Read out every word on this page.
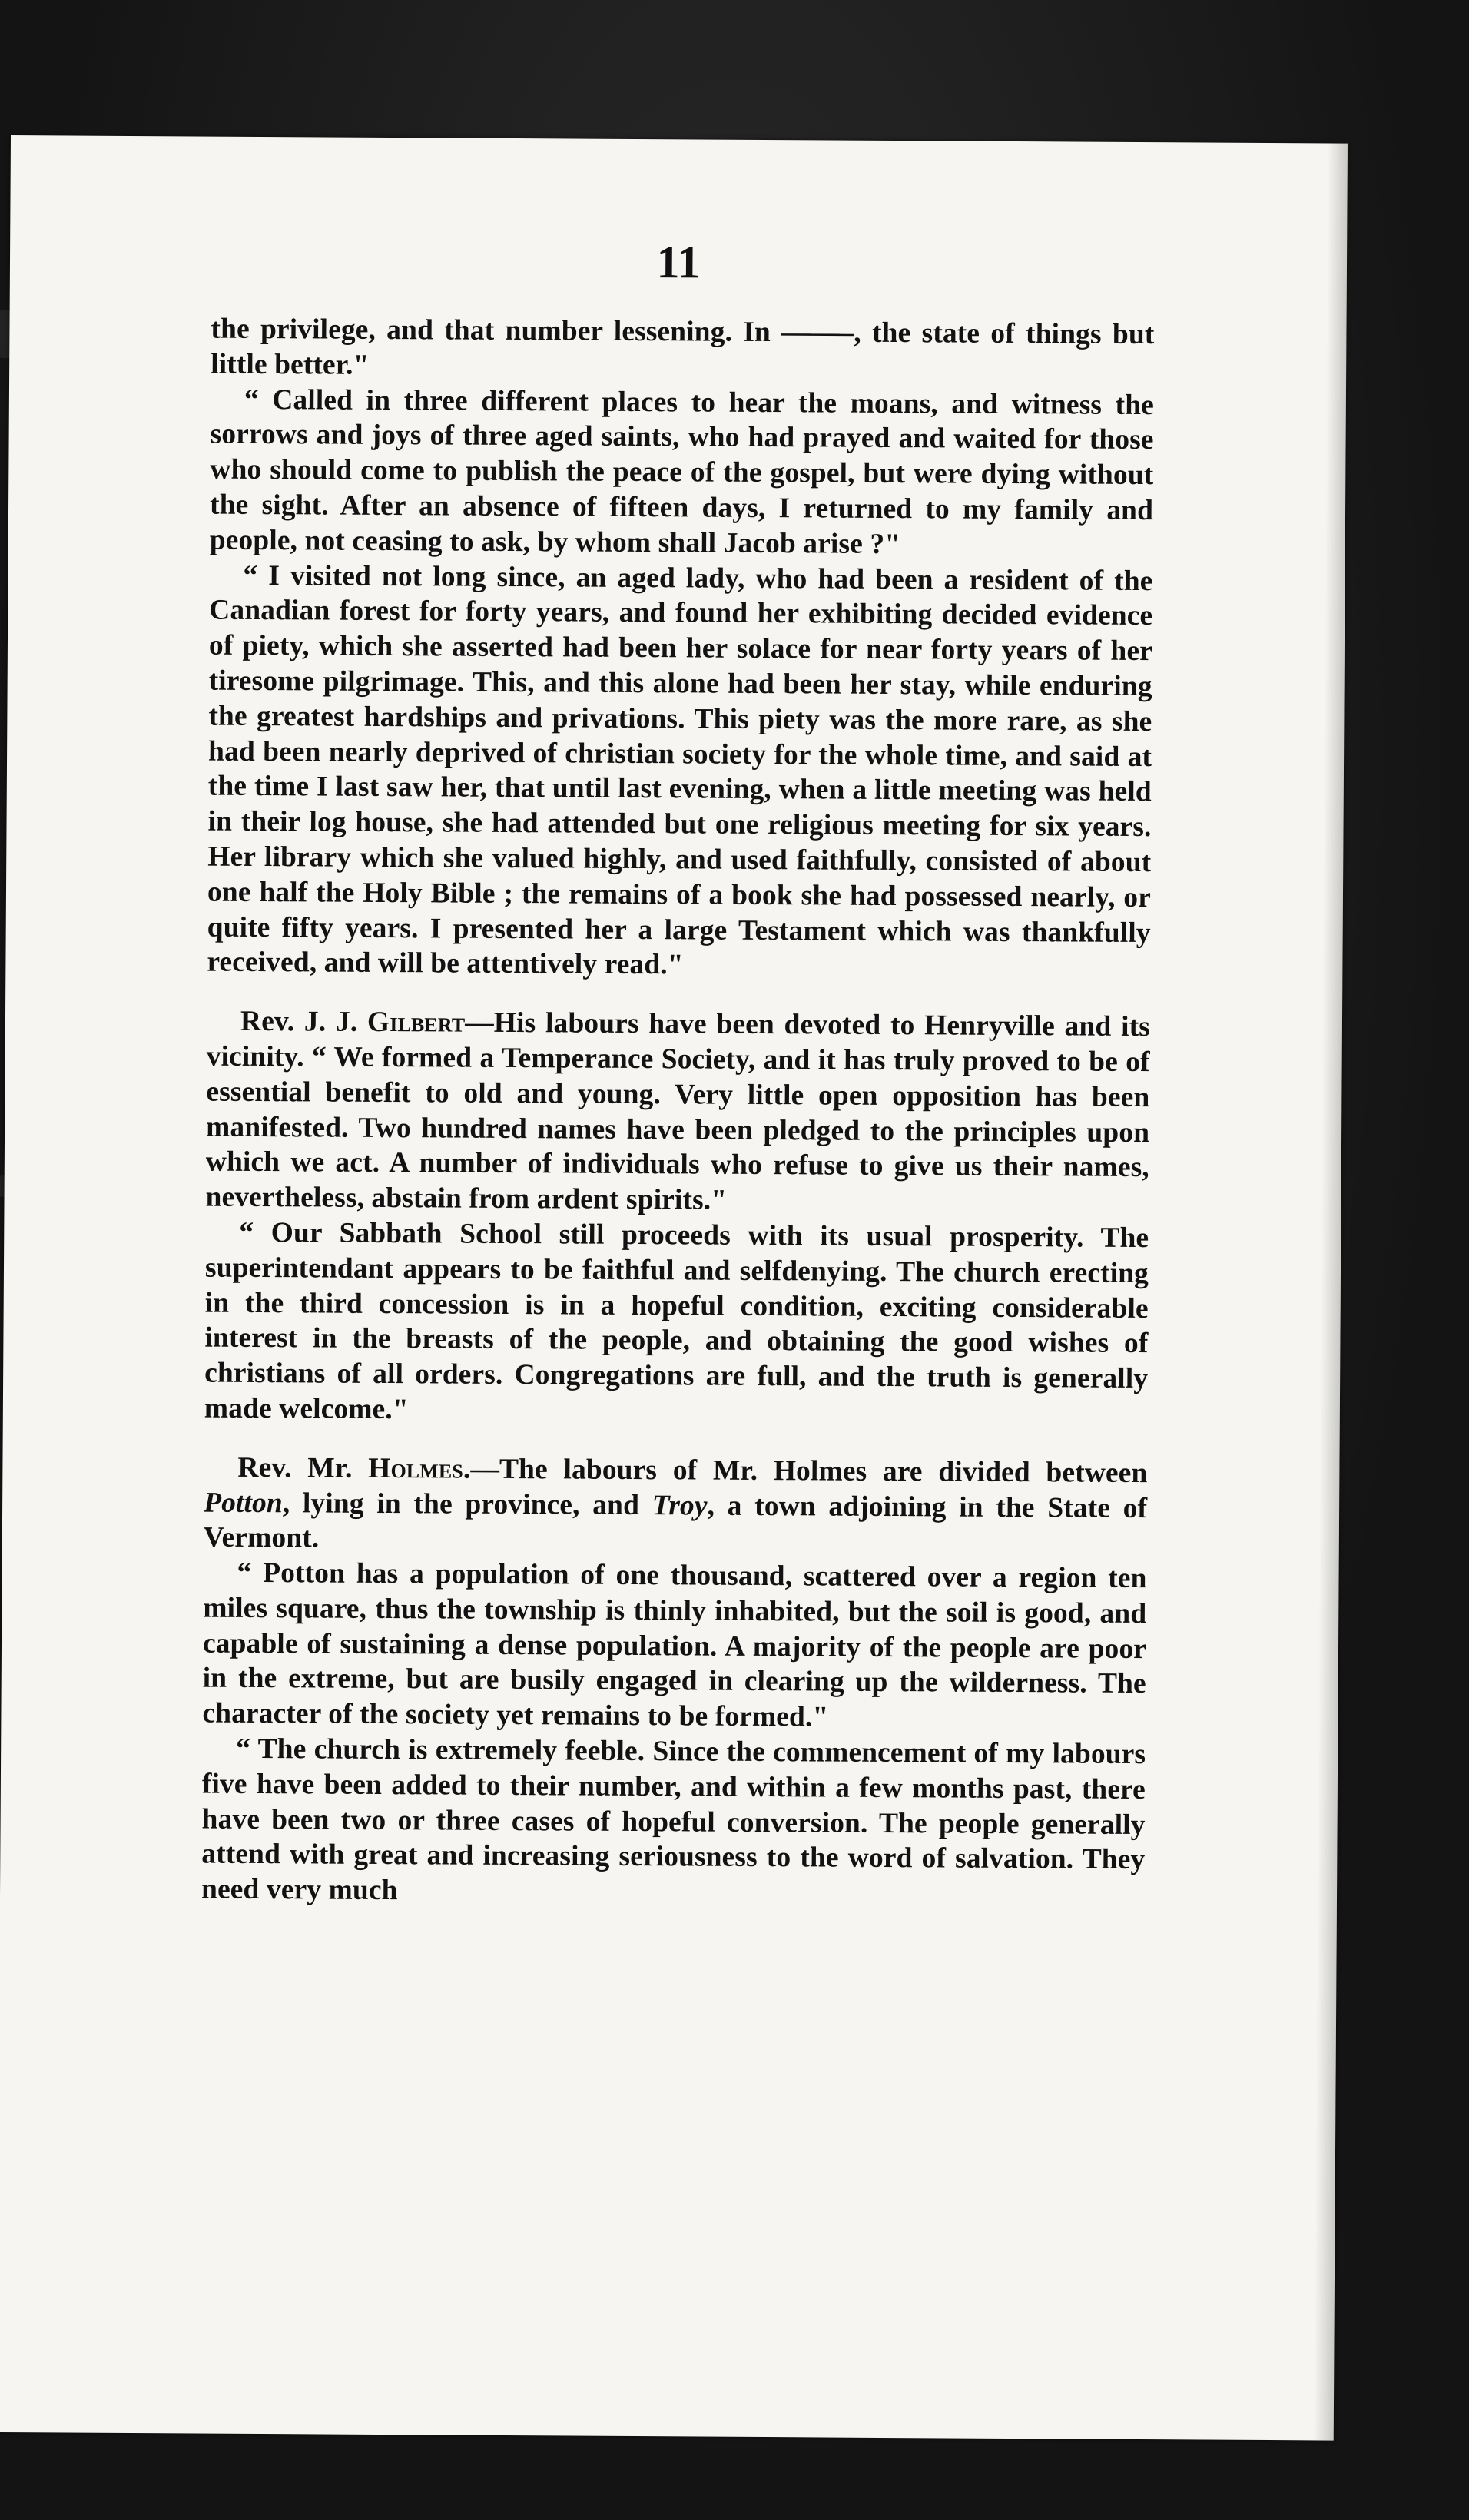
11

the privilege, and that number lessening. In ——–, the state of things but little better."

“ Called in three different places to hear the moans, and witness the sorrows and joys of three aged saints, who had prayed and waited for those who should come to publish the peace of the gospel, but were dying without the sight. After an absence of fifteen days, I returned to my family and people, not ceasing to ask, by whom shall Jacob arise ?"

“ I visited not long since, an aged lady, who had been a resident of the Canadian forest for forty years, and found her exhibiting decided evidence of piety, which she asserted had been her solace for near forty years of her tiresome pilgrimage. This, and this alone had been her stay, while enduring the greatest hardships and privations. This piety was the more rare, as she had been nearly deprived of christian society for the whole time, and said at the time I last saw her, that until last evening, when a little meeting was held in their log house, she had attended but one religious meeting for six years. Her library which she valued highly, and used faithfully, consisted of about one half the Holy Bible ; the remains of a book she had possessed nearly, or quite fifty years. I presented her a large Testament which was thankfully received, and will be attentively read."

Rev. J. J. Gilbert—His labours have been devoted to Henryville and its vicinity. “ We formed a Temperance Society, and it has truly proved to be of essential benefit to old and young. Very little open opposition has been manifested. Two hundred names have been pledged to the principles upon which we act. A number of individuals who refuse to give us their names, nevertheless, abstain from ardent spirits."

“ Our Sabbath School still proceeds with its usual prosperity. The superintendant appears to be faithful and selfdenying. The church erecting in the third concession is in a hopeful condition, exciting considerable interest in the breasts of the people, and obtaining the good wishes of christians of all orders. Congregations are full, and the truth is generally made welcome."

Rev. Mr. Holmes.—The labours of Mr. Holmes are divided between Potton, lying in the province, and Troy, a town adjoining in the State of Vermont.

“ Potton has a population of one thousand, scattered over a region ten miles square, thus the township is thinly inhabited, but the soil is good, and capable of sustaining a dense population. A majority of the people are poor in the extreme, but are busily engaged in clearing up the wilderness. The character of the society yet remains to be formed."

“ The church is extremely feeble. Since the commencement of my labours five have been added to their number, and within a few months past, there have been two or three cases of hopeful conversion. The people generally attend with great and increasing seriousness to the word of salvation. They need very much
